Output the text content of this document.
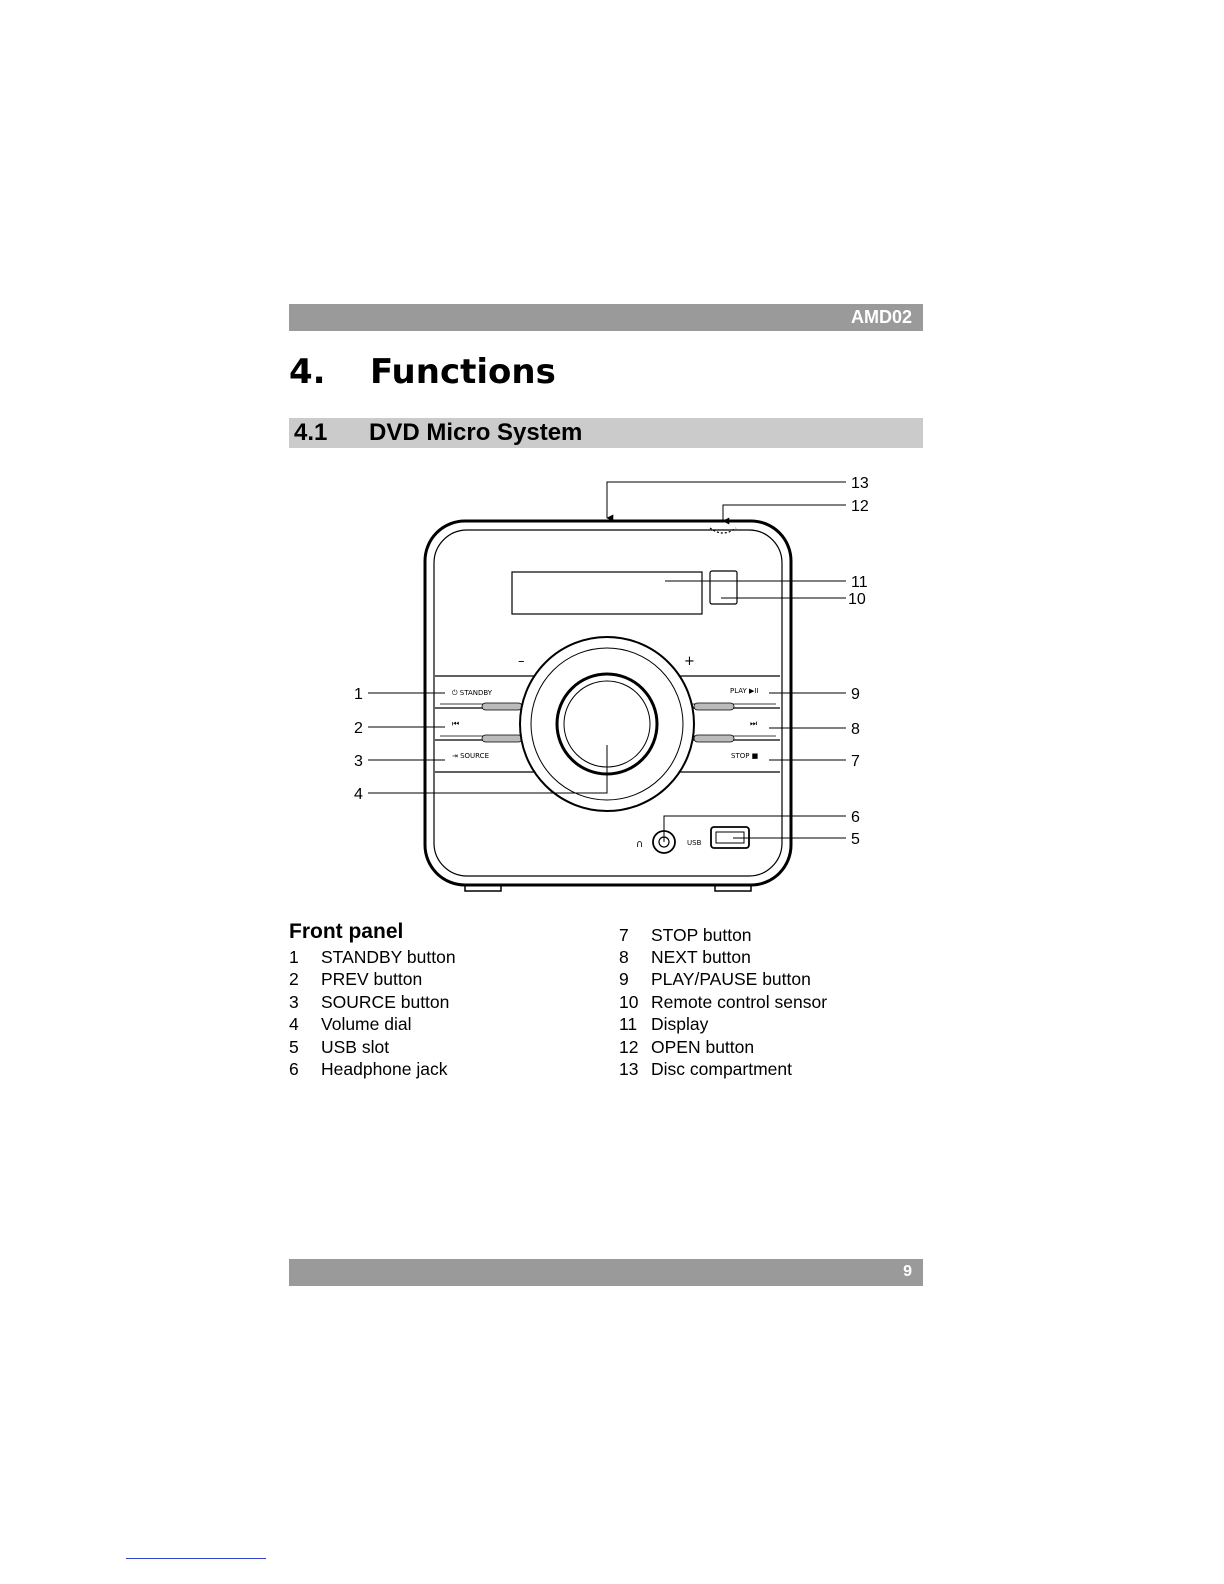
AMD02
4. Functions
4.1 DVD Micro System
–	+
⏻ STANDBY
⏮
⇥ SOURCE
PLAY ▶II
⏭
STOP ■
∩	USB
13
12
11
10
1
2
3
4
9
8
7
6
5
Front panel
1 STANDBY button
2 PREV button
3 SOURCE button
4 Volume dial
5 USB slot
6 Headphone jack
7 STOP button
8 NEXT button
9 PLAY/PAUSE button
10 Remote control sensor
11 Display
12 OPEN button
13 Disc compartment
9
